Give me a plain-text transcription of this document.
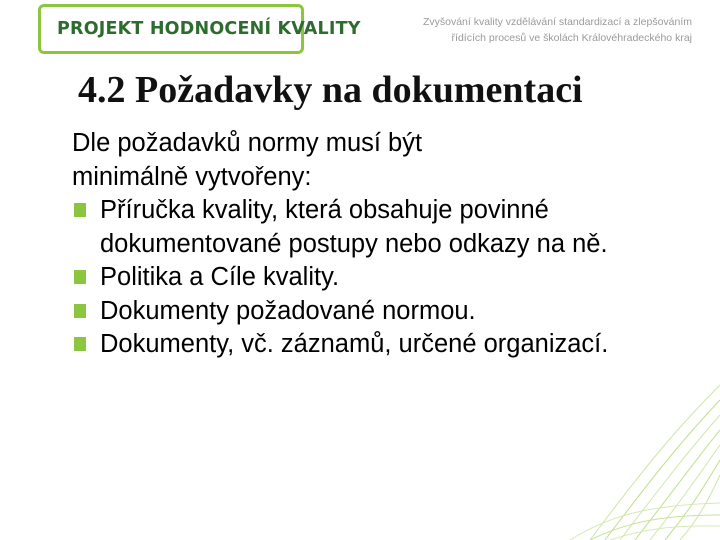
PROJEKT HODNOCENÍ KVALITY	Zvyšování kvality vzdělávání standardizací a zlepšováním
řídících procesů ve školách Královéhradeckého kraj
4.2 Požadavky na dokumentaci
Dle požadavků normy musí být
minimálně vytvořeny:
Příručka kvality, která obsahuje povinné dokumentované postupy nebo odkazy na ně.
Politika a Cíle kvality.
Dokumenty požadované normou.
Dokumenty, vč. záznamů, určené organizací.
